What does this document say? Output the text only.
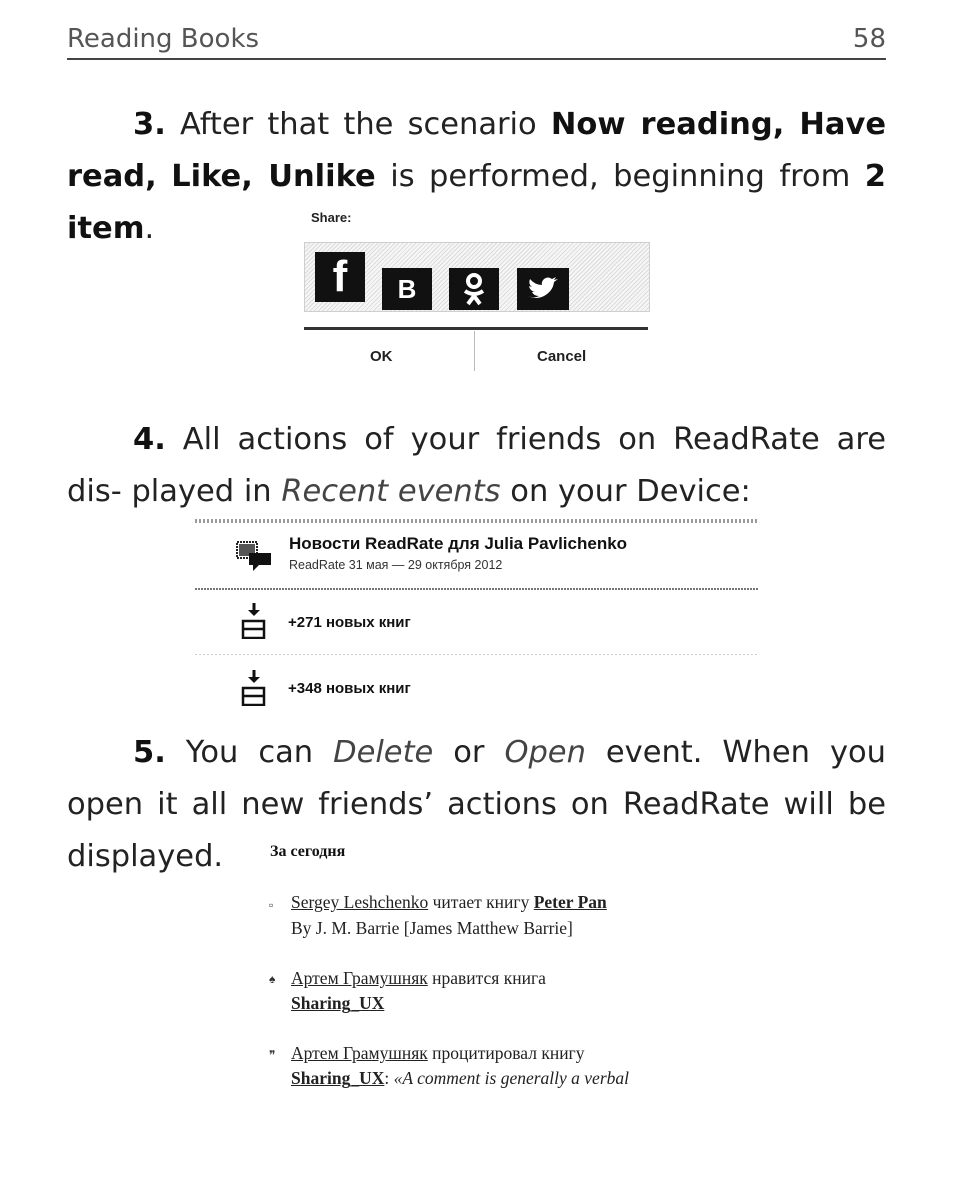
Reading Books	58
3. After that the scenario Now reading, Have read, Like, Unlike is performed, beginning from 2 item.	Share:
f B
OK	Cancel
4. All actions of your friends on ReadRate are dis- played in Recent events on your Device:
Новости ReadRate для Julia Pavlichenko
ReadRate 31 мая — 29 октября 2012
+271 новых книг
+348 новых книг
5. You can Delete or Open event. When you open it all new friends’ actions on ReadRate will be displayed.	За сегодня
▫ Sergey Leshchenko читает книгу Peter Pan
By J. M. Barrie [James Matthew Barrie]
♠ Артем Грамушняк нравится книга
Sharing_UX
❞ Артем Грамушняк процитировал книгу
Sharing_UX: «A comment is generally a verbal
